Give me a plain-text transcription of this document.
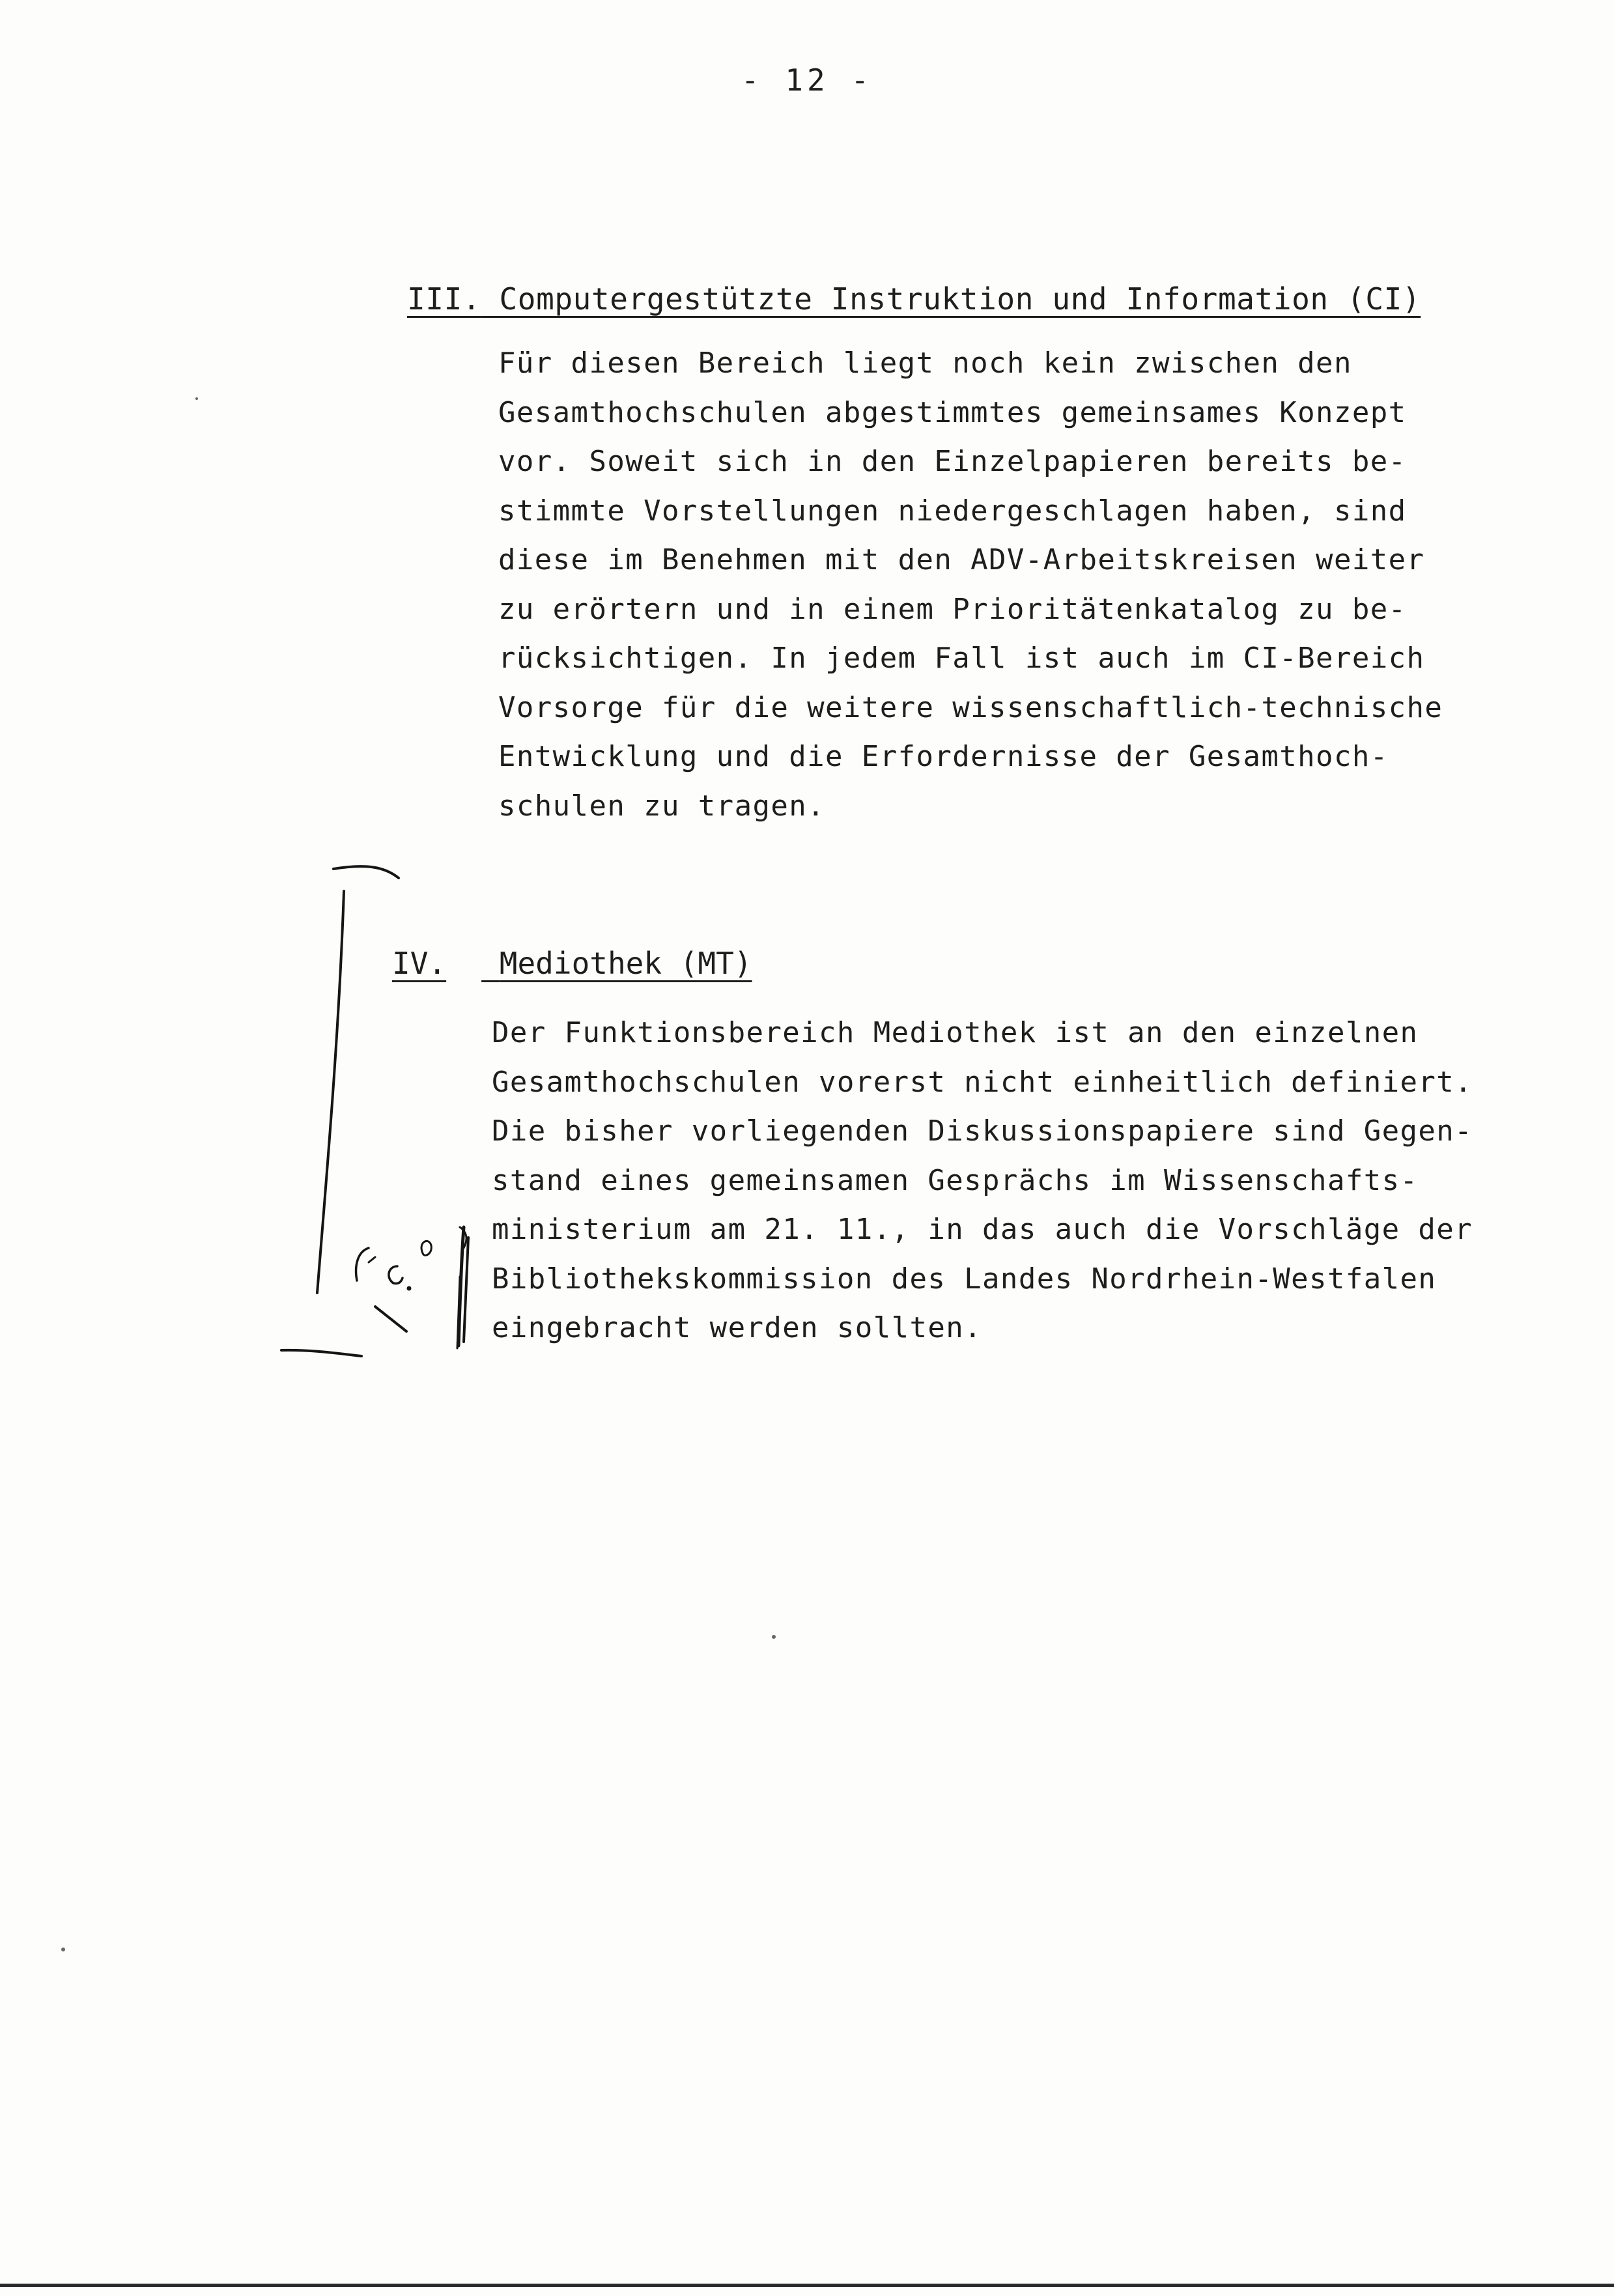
- 12 -
III. Computergestützte Instruktion und Information (CI)
Für diesen Bereich liegt noch kein zwischen den
Gesamthochschulen abgestimmtes gemeinsames Konzept
vor. Soweit sich in den Einzelpapieren bereits be-
stimmte Vorstellungen niedergeschlagen haben, sind
diese im Benehmen mit den ADV-Arbeitskreisen weiter
zu erörtern und in einem Prioritätenkatalog zu be-
rücksichtigen. In jedem Fall ist auch im CI-Bereich
Vorsorge für die weitere wissenschaftlich-technische
Entwicklung und die Erfordernisse der Gesamthoch-
schulen zu tragen.
IV. Mediothek (MT)
Der Funktionsbereich Mediothek ist an den einzelnen
Gesamthochschulen vorerst nicht einheitlich definiert.
Die bisher vorliegenden Diskussionspapiere sind Gegen-
stand eines gemeinsamen Gesprächs im Wissenschafts-
ministerium am 21. 11., in das auch die Vorschläge der
Bibliothekskommission des Landes Nordrhein-Westfalen
eingebracht werden sollten.
